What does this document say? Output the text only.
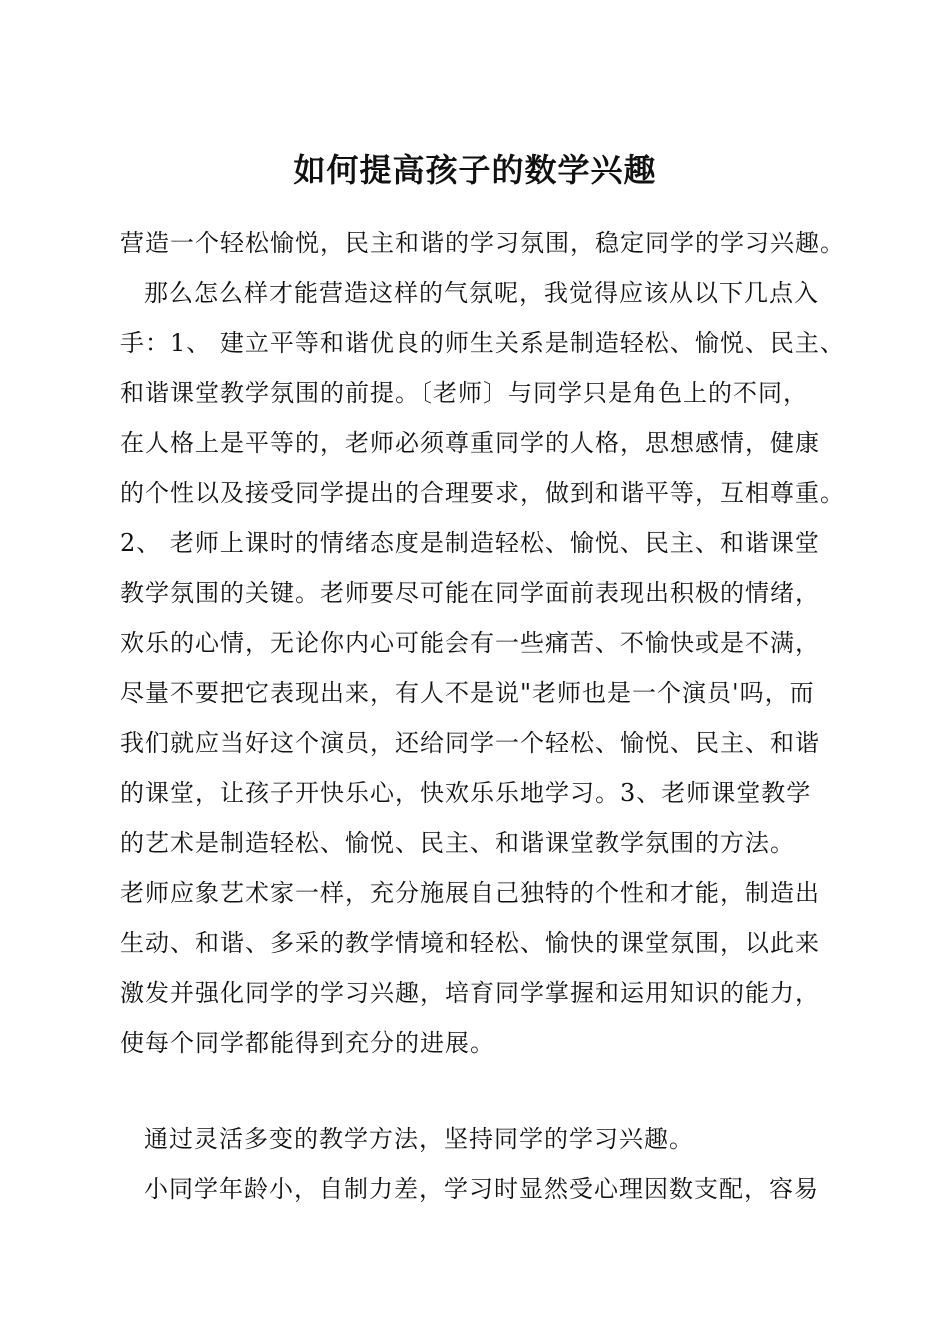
如何提高孩子的数学兴趣
营造一个轻松愉悦，民主和谐的学习氛围，稳定同学的学习兴趣。
那么怎么样才能营造这样的气氛呢，我觉得应该从以下几点入
手：1、 建立平等和谐优良的师生关系是制造轻松、愉悦、民主、
和谐课堂教学氛围的前提。〔老师〕与同学只是角色上的不同，
在人格上是平等的，老师必须尊重同学的人格，思想感情，健康
的个性以及接受同学提出的合理要求，做到和谐平等，互相尊重。
2、 老师上课时的情绪态度是制造轻松、愉悦、民主、和谐课堂
教学氛围的关键。老师要尽可能在同学面前表现出积极的情绪，
欢乐的心情，无论你内心可能会有一些痛苦、不愉快或是不满，
尽量不要把它表现出来，有人不是说"老师也是一个演员'吗，而
我们就应当好这个演员，还给同学一个轻松、愉悦、民主、和谐
的课堂，让孩子开快乐心，快欢乐乐地学习。3、老师课堂教学
的艺术是制造轻松、愉悦、民主、和谐课堂教学氛围的方法。
老师应象艺术家一样，充分施展自己独特的个性和才能，制造出
生动、和谐、多采的教学情境和轻松、愉快的课堂氛围，以此来
激发并强化同学的学习兴趣，培育同学掌握和运用知识的能力，
使每个同学都能得到充分的进展。
通过灵活多变的教学方法，坚持同学的学习兴趣。
小同学年龄小，自制力差，学习时显然受心理因数支配，容易
